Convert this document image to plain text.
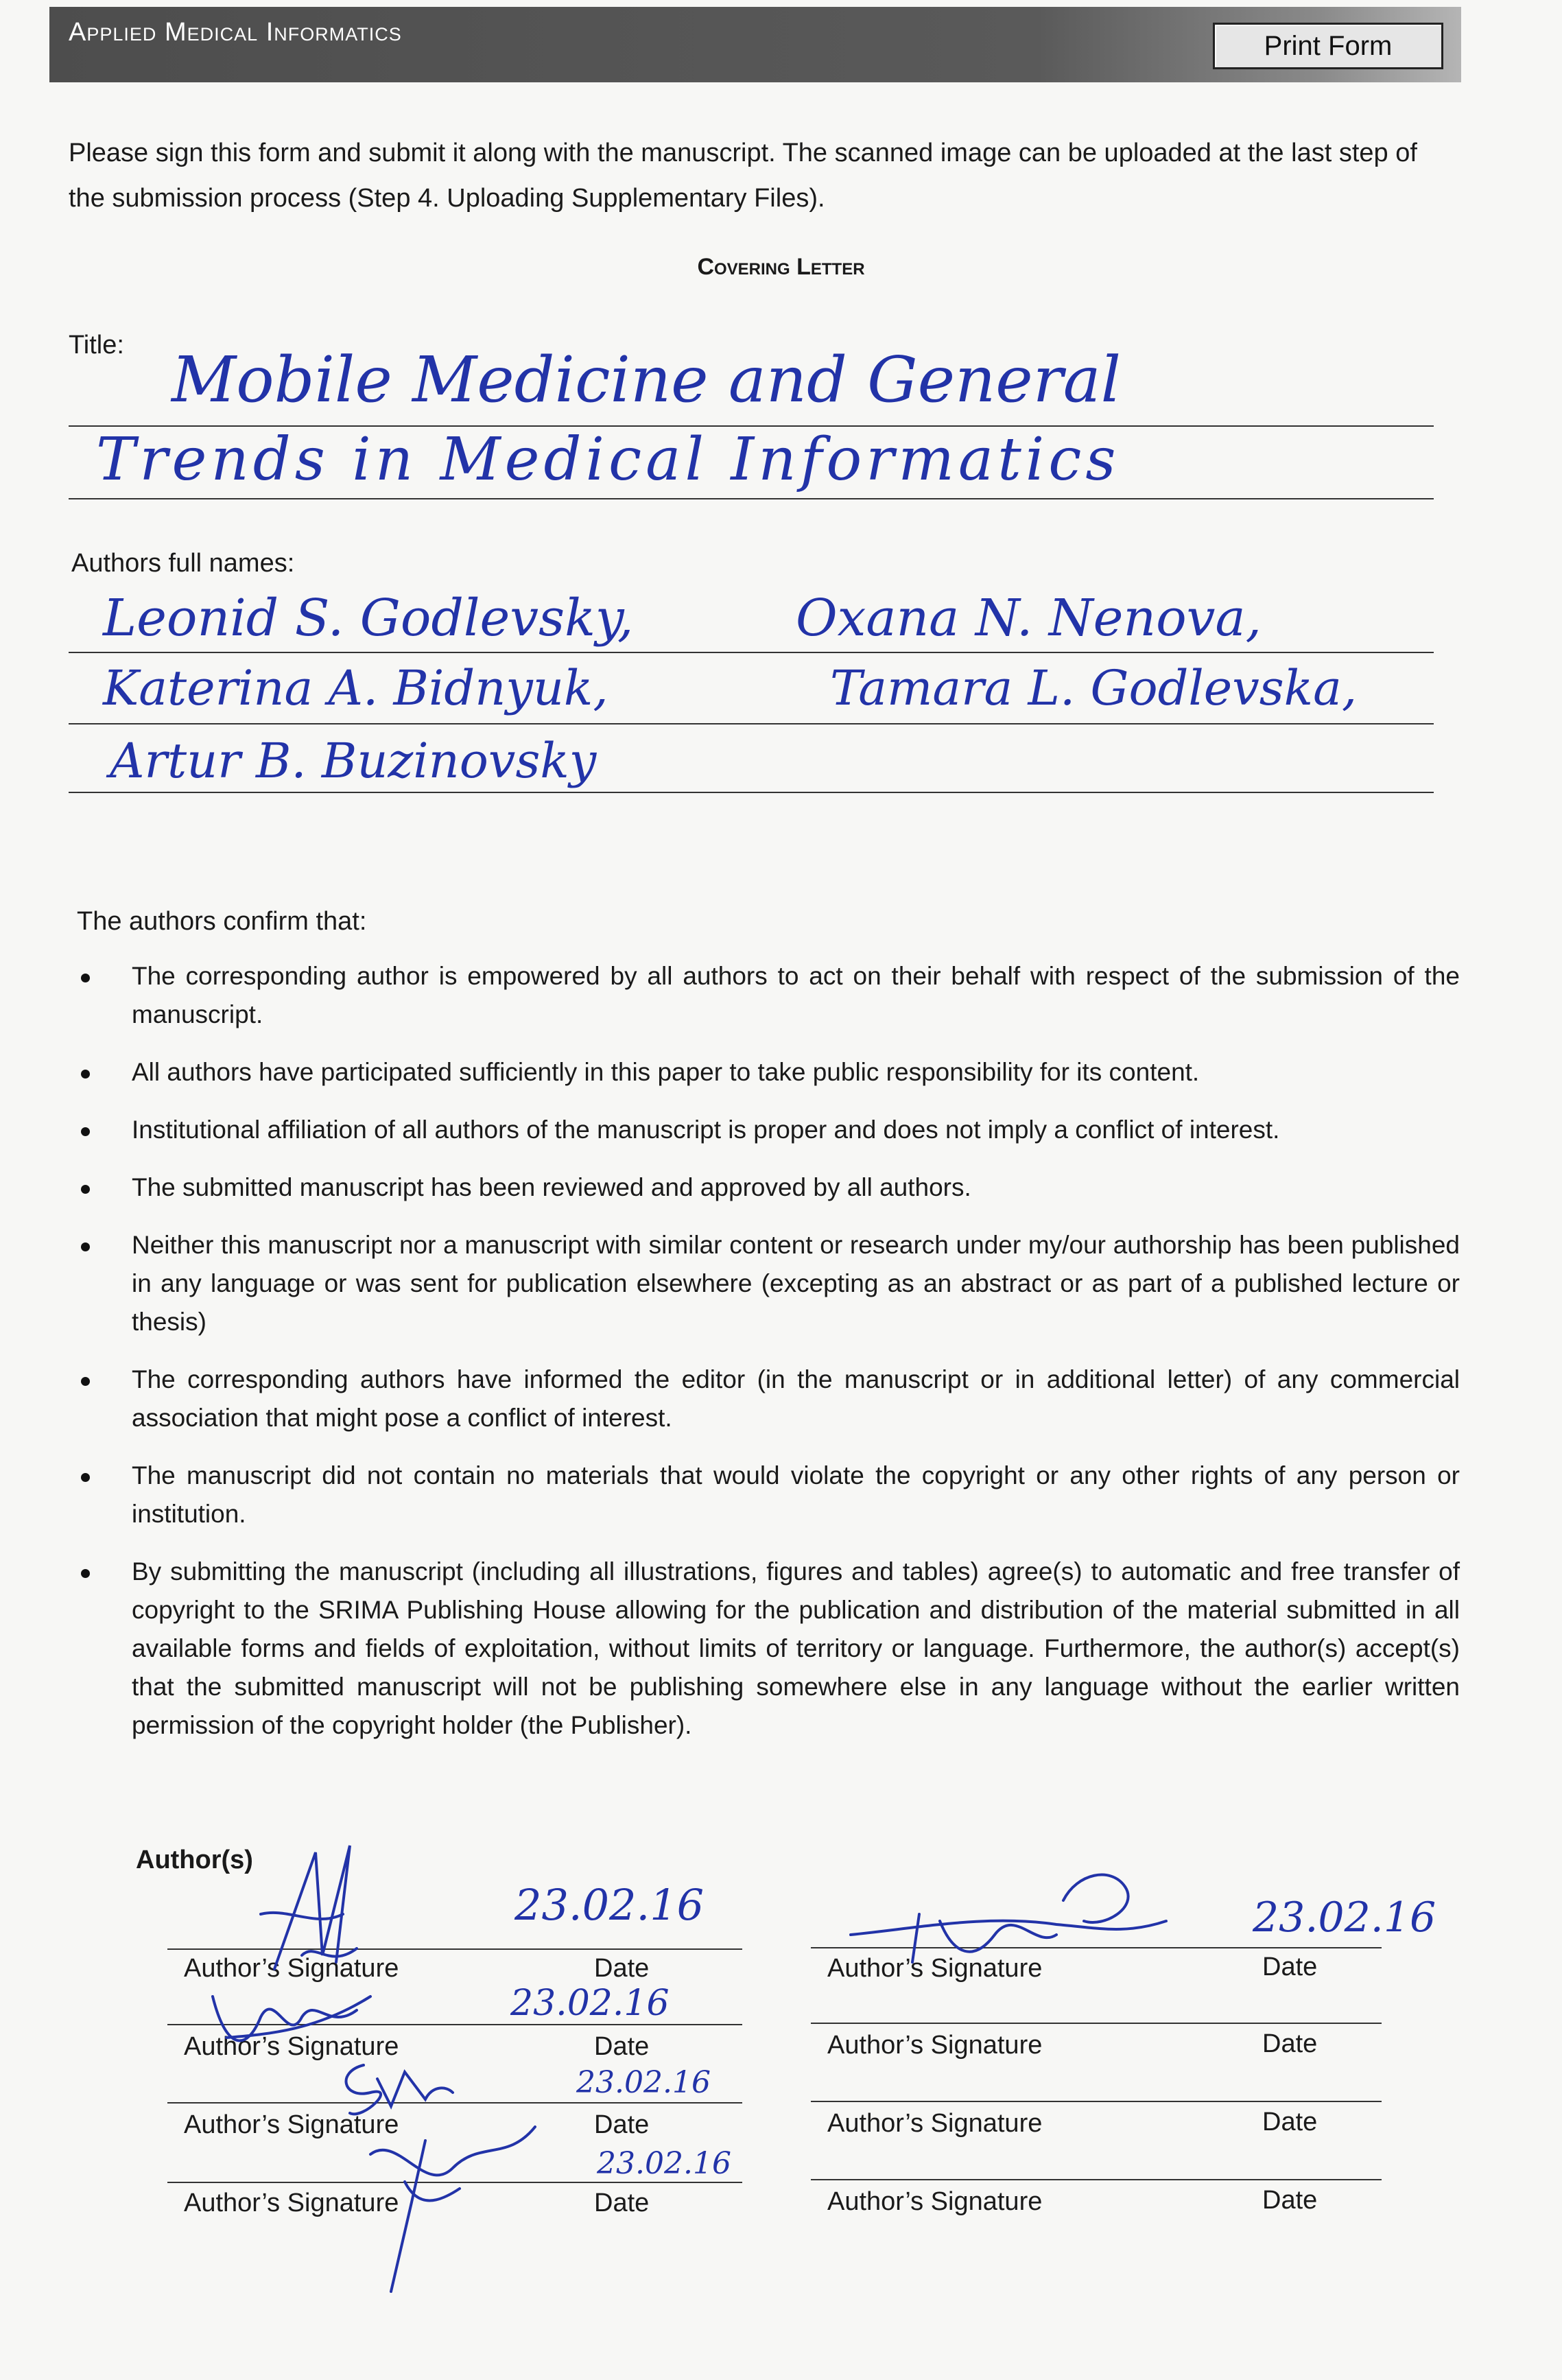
Applied Medical Informatics	Print Form
Please sign this form and submit it along with the manuscript. The scanned image can be uploaded at the last step of the submission process (Step 4. Uploading Supplementary Files).
Covering Letter
Title: Mobile Medicine and General
Trends in Medical Informatics
Authors full names:
Leonid S. Godlevsky,	Oxana N. Nenova,
Katerina A. Bidnyuk,	Tamara L. Godlevska,
Artur B. Buzinovsky
The authors confirm that:
The corresponding author is empowered by all authors to act on their behalf with respect of the submission of the manuscript.
All authors have participated sufficiently in this paper to take public responsibility for its content.
Institutional affiliation of all authors of the manuscript is proper and does not imply a conflict of interest.
The submitted manuscript has been reviewed and approved by all authors.
Neither this manuscript nor a manuscript with similar content or research under my/our authorship has been published in any language or was sent for publication elsewhere (excepting as an abstract or as part of a published lecture or thesis)
The corresponding authors have informed the editor (in the manuscript or in additional letter) of any commercial association that might pose a conflict of interest.
The manuscript did not contain no materials that would violate the copyright or any other rights of any person or institution.
By submitting the manuscript (including all illustrations, figures and tables) agree(s) to automatic and free transfer of copyright to the SRIMA Publishing House allowing for the publication and distribution of the material submitted in all available forms and fields of exploitation, without limits of territory or language. Furthermore, the author(s) accept(s) that the submitted manuscript will not be publishing somewhere else in any language without the earlier written permission of the copyright holder (the Publisher).
Author(s)
23.02.16
Author’s Signature	Date
23.02.16
Author’s Signature	Date
23.02.16
Author’s Signature	Date
23.02.16
Author’s Signature	Date
23.02.16
Author’s Signature	Date
Author’s Signature	Date
Author’s Signature	Date
Author’s Signature	Date
